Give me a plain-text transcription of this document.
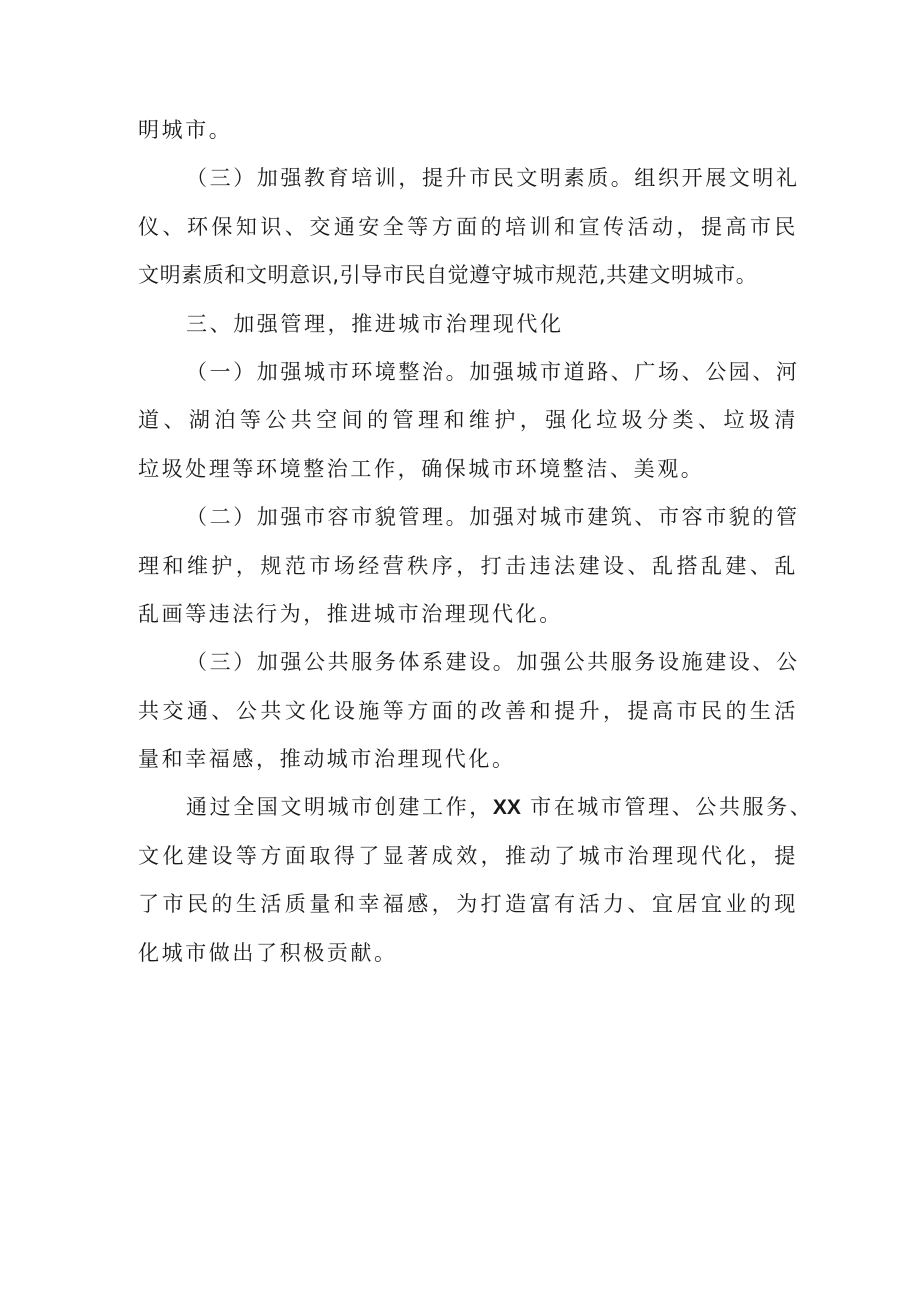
明城市。
（三）加强教育培训，提升市民文明素质。组织开展文明礼
仪、环保知识、交通安全等方面的培训和宣传活动，提高市民
文明素质和文明意识,引导市民自觉遵守城市规范,共建文明城市。
三、加强管理，推进城市治理现代化
（一）加强城市环境整治。加强城市道路、广场、公园、河
道、湖泊等公共空间的管理和维护，强化垃圾分类、垃圾清
垃圾处理等环境整治工作，确保城市环境整洁、美观。
（二）加强市容市貌管理。加强对城市建筑、市容市貌的管
理和维护，规范市场经营秩序，打击违法建设、乱搭乱建、乱
乱画等违法行为，推进城市治理现代化。
（三）加强公共服务体系建设。加强公共服务设施建设、公
共交通、公共文化设施等方面的改善和提升，提高市民的生活
量和幸福感，推动城市治理现代化。
通过全国文明城市创建工作，XX 市在城市管理、公共服务、
文化建设等方面取得了显著成效，推动了城市治理现代化，提
了市民的生活质量和幸福感，为打造富有活力、宜居宜业的现
化城市做出了积极贡献。
